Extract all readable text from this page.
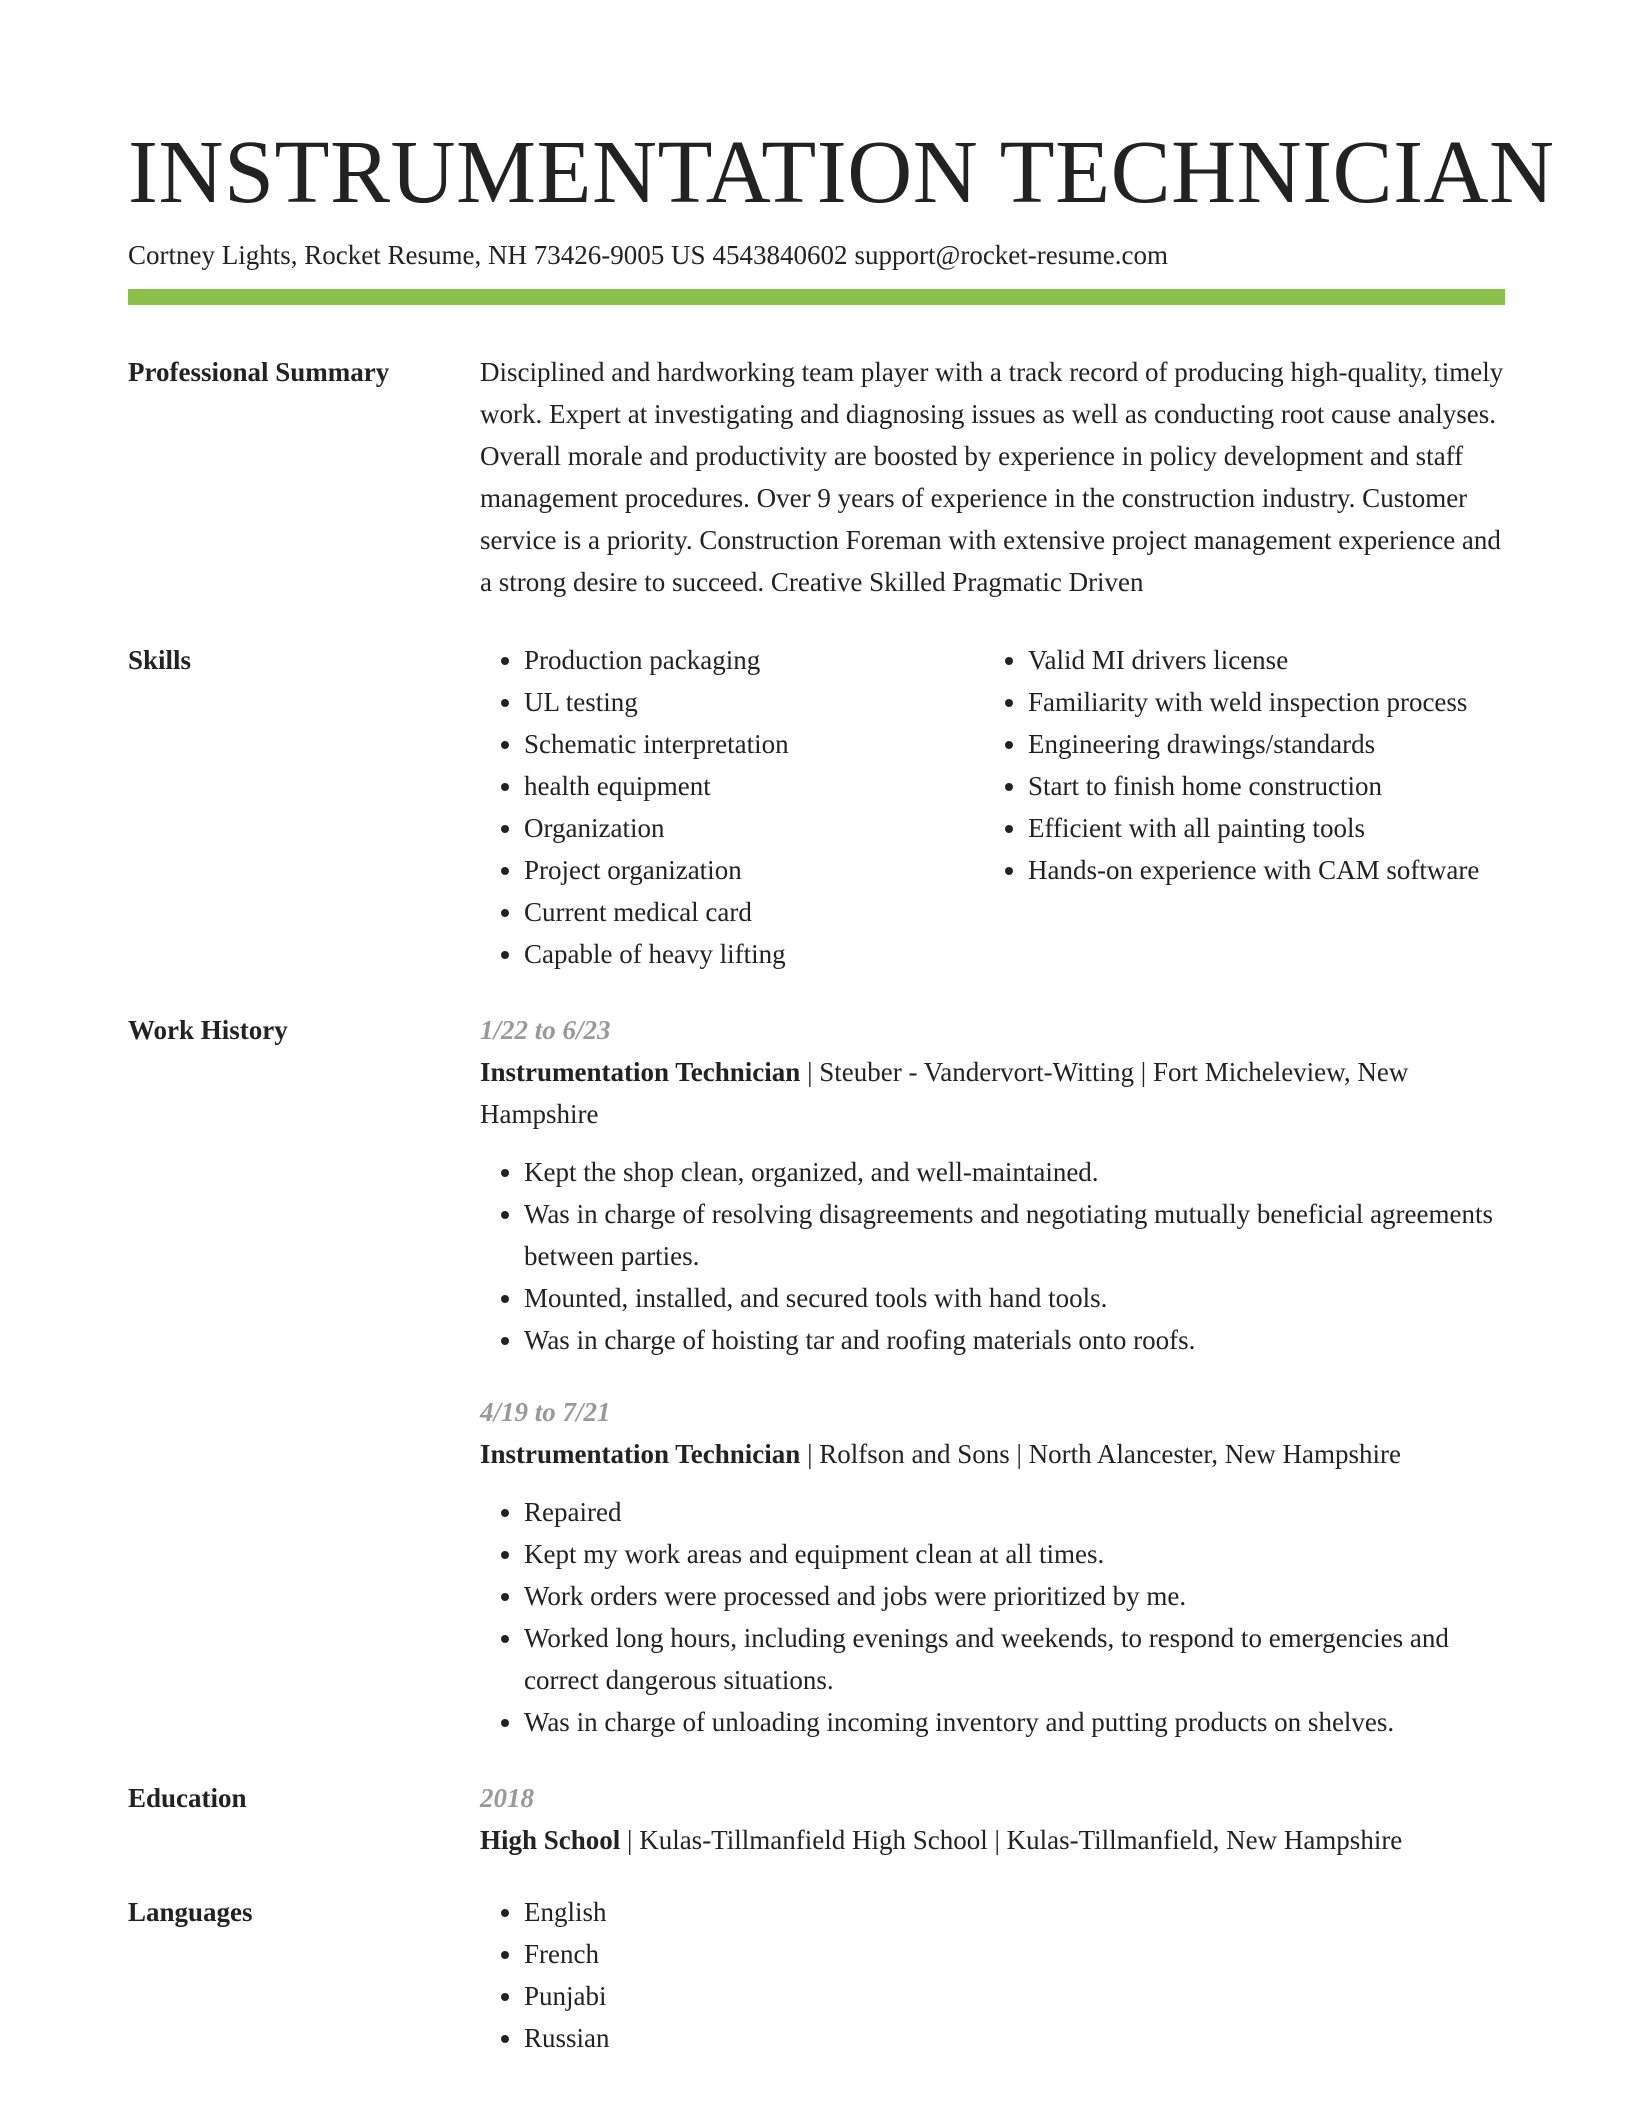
INSTRUMENTATION TECHNICIAN
Cortney Lights, Rocket Resume, NH 73426-9005 US 4543840602 support@rocket-resume.com
Professional Summary	Disciplined and hardworking team player with a track record of producing high-quality, timely work. Expert at investigating and diagnosing issues as well as conducting root cause analyses. Overall morale and productivity are boosted by experience in policy development and staff management procedures. Over 9 years of experience in the construction industry. Customer service is a priority. Construction Foreman with extensive project management experience and a strong desire to succeed. Creative Skilled Pragmatic Driven

Skills	• Production packaging
• UL testing
• Schematic interpretation
• health equipment
• Organization
• Project organization
• Current medical card
• Capable of heavy lifting
• Valid MI drivers license
• Familiarity with weld inspection process
• Engineering drawings/standards
• Start to finish home construction
• Efficient with all painting tools
• Hands-on experience with CAM software
Work History	1/22 to 6/23
Instrumentation Technician | Steuber - Vandervort-Witting | Fort Micheleview, New Hampshire
• Kept the shop clean, organized, and well-maintained.
• Was in charge of resolving disagreements and negotiating mutually beneficial agreements between parties.
• Mounted, installed, and secured tools with hand tools.
• Was in charge of hoisting tar and roofing materials onto roofs.
4/19 to 7/21
Instrumentation Technician | Rolfson and Sons | North Alancester, New Hampshire
• Repaired
• Kept my work areas and equipment clean at all times.
• Work orders were processed and jobs were prioritized by me.
• Worked long hours, including evenings and weekends, to respond to emergencies and correct dangerous situations.
• Was in charge of unloading incoming inventory and putting products on shelves.
Education	2018
High School | Kulas-Tillmanfield High School | Kulas-Tillmanfield, New Hampshire
Languages	• English
• French
• Punjabi
• Russian
